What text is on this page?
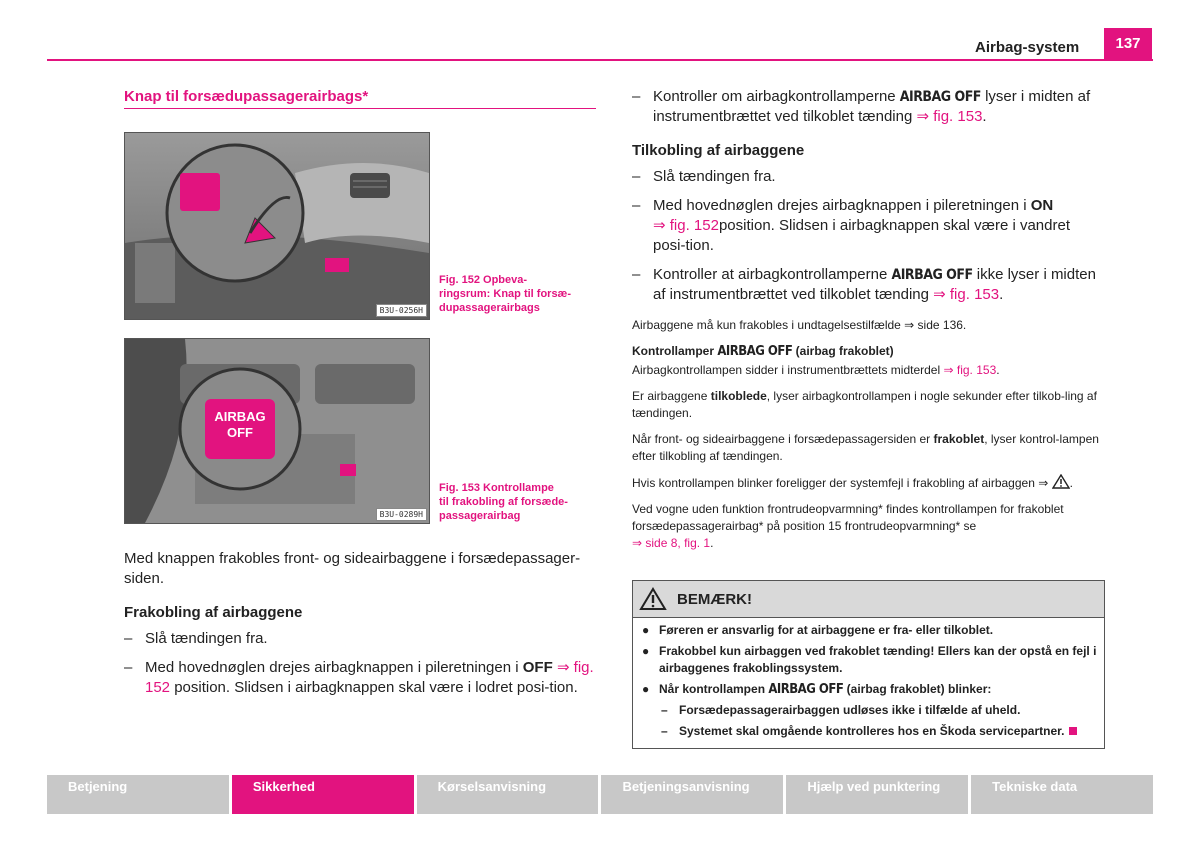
Airbag-system	137
Knap til forsædupassagerairbags*
B3U-0256H
Fig. 152 Opbeva-
ringsrum: Knap til forsæ-
dupassagerairbags
AIRBAG
OFF
B3U-0289H
Fig. 153 Kontrollampe
til frakobling af forsæde-
passagerairbag

Med knappen frakobles front- og sideairbaggene i forsædepassager-siden.

Frakobling af airbaggene

– Slå tændingen fra.
– Med hovednøglen drejes airbagknappen i pileretningen i OFF ⇒ fig. 152 position. Slidsen i airbagknappen skal være i lodret posi-tion.
– Kontroller om airbagkontrollamperne AIRBAG OFF lyser i midten af instrumentbrættet ved tilkoblet tænding ⇒ fig. 153.

Tilkobling af airbaggene

– Slå tændingen fra.
– Med hovednøglen drejes airbagknappen i pileretningen i ON
⇒ fig. 152position. Slidsen i airbagknappen skal være i vandret posi-tion.
– Kontroller at airbagkontrollamperne AIRBAG OFF ikke lyser i midten af instrumentbrættet ved tilkoblet tænding ⇒ fig. 153.

Airbaggene må kun frakobles i undtagelsestilfælde ⇒ side 136.

Kontrollamper AIRBAG OFF (airbag frakoblet)

Airbagkontrollampen sidder i instrumentbrættets midterdel ⇒ fig. 153.

Er airbaggene tilkoblede, lyser airbagkontrollampen i nogle sekunder efter tilkob-ling af tændingen.

Når front- og sideairbaggene i forsædepassagersiden er frakoblet, lyser kontrol-lampen efter tilkobling af tændingen.

Hvis kontrollampen blinker foreligger der systemfejl i frakobling af airbaggen ⇒ .

Ved vogne uden funktion frontrudeopvarmning* findes kontrollampen for frakoblet forsædepassagerairbag* på position 15 frontrudeopvarmning* se
⇒ side 8, fig. 1.

BEMÆRK!
● Føreren er ansvarlig for at airbaggene er fra- eller tilkoblet.
● Frakobbel kun airbaggen ved frakoblet tænding! Ellers kan der opstå en fejl i airbaggenes frakoblingssystem.
● Når kontrollampen AIRBAG OFF (airbag frakoblet) blinker:
– Forsædepassagerairbaggen udløses ikke i tilfælde af uheld.
– Systemet skal omgående kontrolleres hos en Škoda servicepartner.
Betjening	Sikkerhed	Kørselsanvisning	Betjeningsanvisning	Hjælp ved punktering	Tekniske data
